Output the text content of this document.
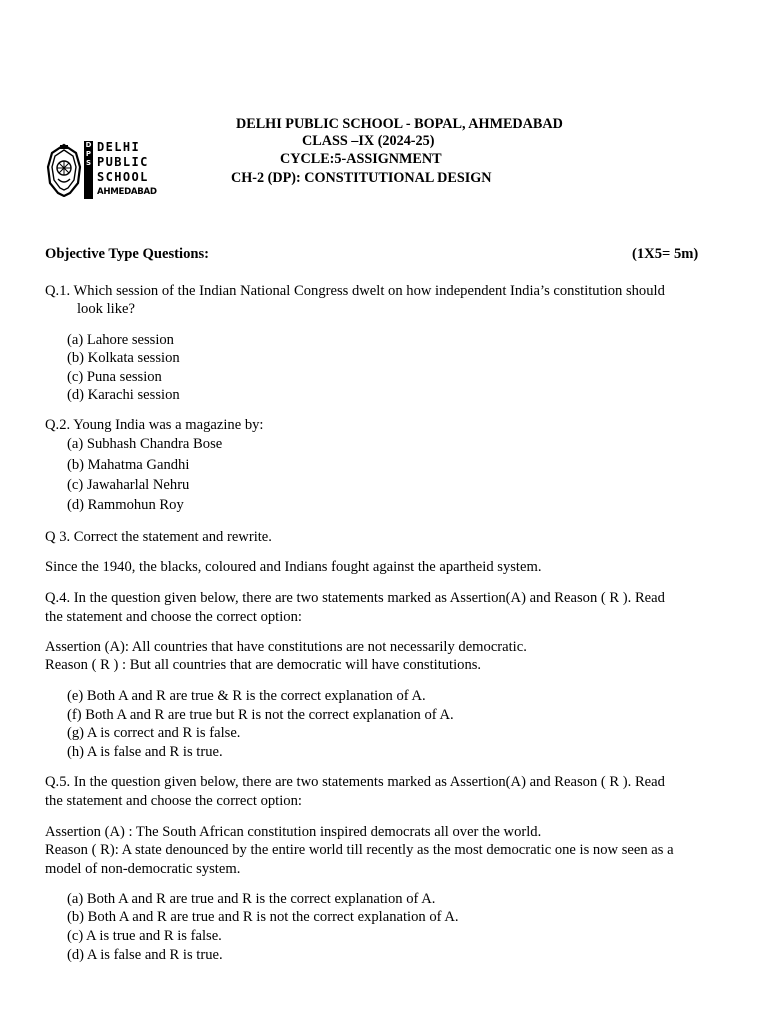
DELHI PUBLIC SCHOOL - BOPAL, AHMEDABAD
CLASS –IX (2024-25)
CYCLE:5-ASSIGNMENT
CH-2 (DP): CONSTITUTIONAL DESIGN
D
P
S
DELHI
PUBLIC
SCHOOL
AHMEDABAD
Objective Type Questions:	(1X5= 5m)
Q.1. Which session of the Indian National Congress dwelt on how independent India’s constitution should
look like?
(a) Lahore session
(b) Kolkata session
(c) Puna session
(d) Karachi session
Q.2. Young India was a magazine by:
(a) Subhash Chandra Bose
(b) Mahatma Gandhi
(c) Jawaharlal Nehru
(d) Rammohun Roy
Q 3. Correct the statement and rewrite.
Since the 1940, the blacks, coloured and Indians fought against the apartheid system.
Q.4. In the question given below, there are two statements marked as Assertion(A) and Reason ( R ). Read
the statement and choose the correct option:
Assertion (A): All countries that have constitutions are not necessarily democratic.
Reason ( R ) : But all countries that are democratic will have constitutions.
(e) Both A and R are true & R is the correct explanation of A.
(f) Both A and R are true but R is not the correct explanation of A.
(g) A is correct and R is false.
(h) A is false and R is true.
Q.5. In the question given below, there are two statements marked as Assertion(A) and Reason ( R ). Read
the statement and choose the correct option:
Assertion (A) : The South African constitution inspired democrats all over the world.
Reason ( R): A state denounced by the entire world till recently as the most democratic one is now seen as a
model of non-democratic system.
(a) Both A and R are true and R is the correct explanation of A.
(b) Both A and R are true and R is not the correct explanation of A.
(c) A is true and R is false.
(d) A is false and R is true.
